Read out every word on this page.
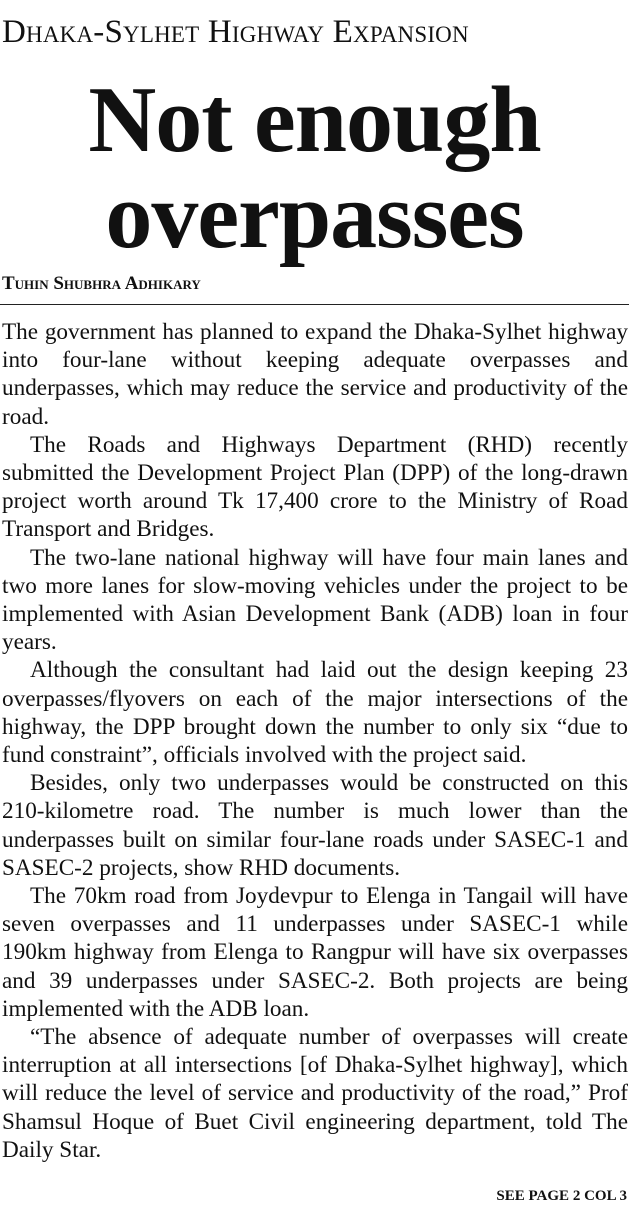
Dhaka-Sylhet Highway Expansion
Not enough
overpasses
Tuhin Shubhra Adhikary

The government has planned to expand the Dhaka-Sylhet highway into four-lane without keeping adequate overpasses and underpasses, which may reduce the service and productivity of the road.

The Roads and Highways Department (RHD) recently submitted the Development Project Plan (DPP) of the long-drawn project worth around Tk 17,400 crore to the Ministry of Road Transport and Bridges.

The two-lane national highway will have four main lanes and two more lanes for slow-moving vehicles under the project to be implemented with Asian Development Bank (ADB) loan in four years.

Although the consultant had laid out the design keeping 23 overpasses/flyovers on each of the major intersections of the highway, the DPP brought down the number to only six “due to fund constraint”, officials involved with the project said.

Besides, only two underpasses would be constructed on this 210-kilometre road. The number is much lower than the underpasses built on similar four-lane roads under SASEC-1 and SASEC-2 projects, show RHD documents.

The 70km road from Joydevpur to Elenga in Tangail will have seven overpasses and 11 underpasses under SASEC-1 while 190km highway from Elenga to Rangpur will have six overpasses and 39 underpasses under SASEC-2. Both projects are being implemented with the ADB loan.

“The absence of adequate number of overpasses will create interruption at all intersections [of Dhaka-Sylhet highway], which will reduce the level of service and productivity of the road,” Prof Shamsul Hoque of Buet Civil engineering department, told The Daily Star.

SEE PAGE 2 COL 3
